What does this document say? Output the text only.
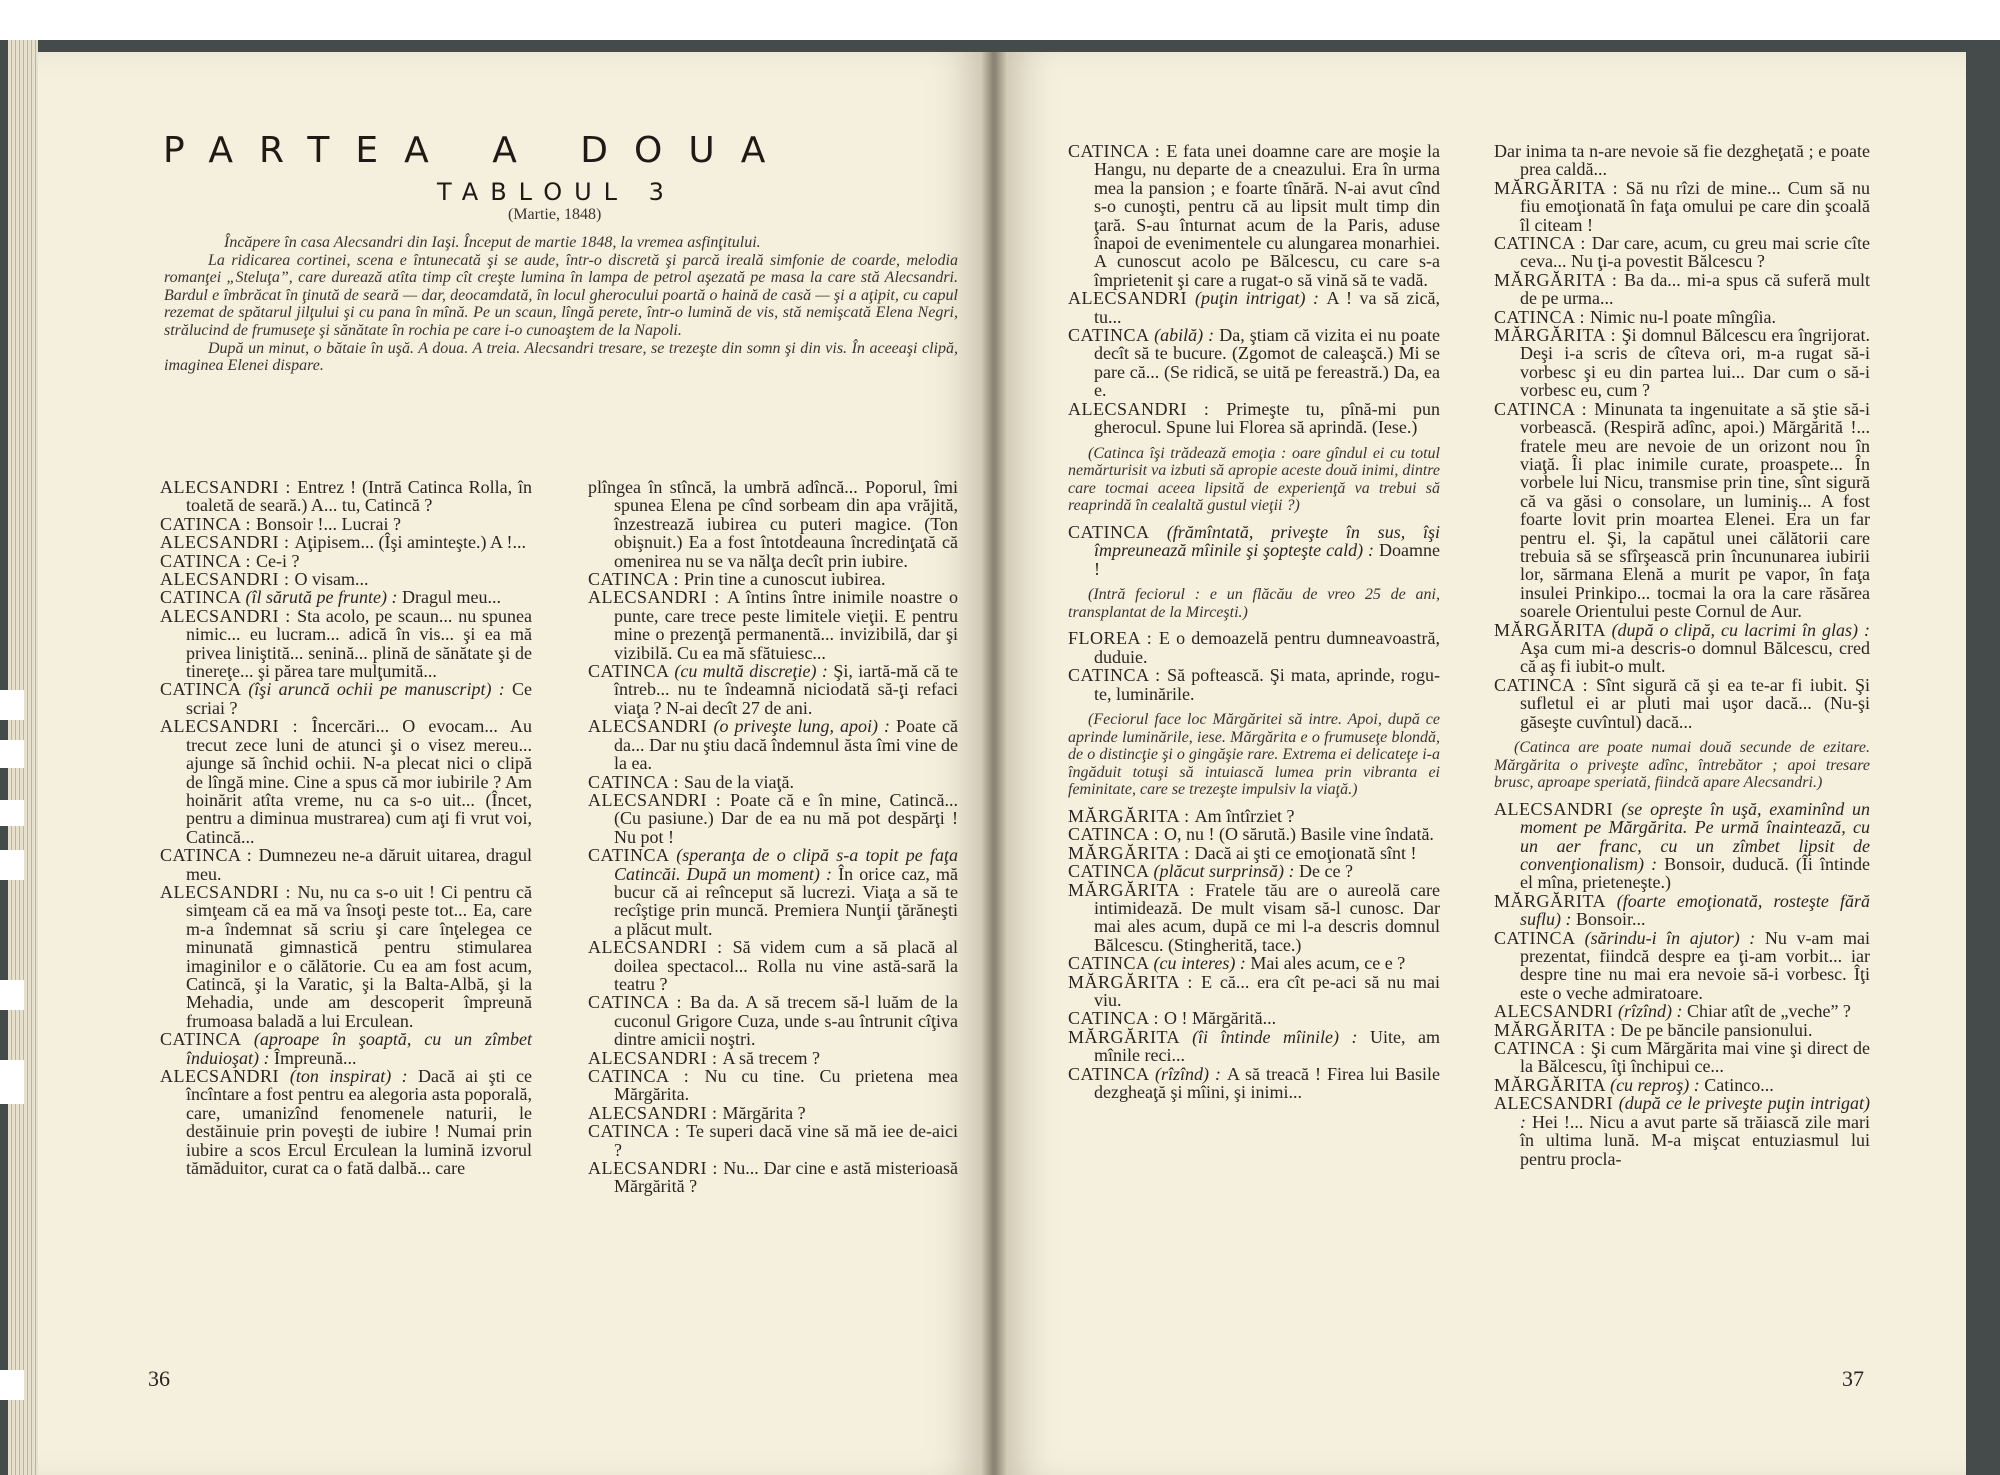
PARTEA A DOUA
TABLOUL 3
(Martie, 1848)

Încăpere în casa Alecsandri din Iaşi. Început de martie 1848, la vremea asfinţitului.

La ridicarea cortinei, scena e întunecată şi se aude, într-o discretă şi parcă ireală simfonie de coarde, melodia romanţei „Steluţa”, care durează atîta timp cît creşte lumina în lampa de petrol aşezată pe masa la care stă Alecsandri. Bardul e îmbrăcat în ţinută de seară — dar, deocamdată, în locul gherocului poartă o haină de casă — şi a aţipit, cu capul rezemat de spătarul jilţului şi cu pana în mînă. Pe un scaun, lîngă perete, într-o lumină de vis, stă nemişcată Elena Negri, strălucind de frumuseţe şi sănătate în rochia pe care i-o cunoaştem de la Napoli.

După un minut, o bătaie în uşă. A doua. A treia. Alecsandri tresare, se trezeşte din somn şi din vis. În aceeaşi clipă, imaginea Elenei dispare.

ALECSANDRI : Entrez ! (Intră Catinca Rolla, în toaletă de seară.) A... tu, Catincă ?

CATINCA : Bonsoir !... Lucrai ?

ALECSANDRI : Aţipisem... (Îşi aminteşte.) A !...

CATINCA : Ce-i ?

ALECSANDRI : O visam...

CATINCA (îl sărută pe frunte) : Dragul meu...

ALECSANDRI : Sta acolo, pe scaun... nu spunea nimic... eu lucram... adică în vis... şi ea mă privea liniştită... senină... plină de sănătate şi de tinereţe... şi părea tare mulţumită...

CATINCA (îşi aruncă ochii pe manuscript) : Ce scriai ?

ALECSANDRI : Încercări... O evocam... Au trecut zece luni de atunci şi o visez mereu... ajunge să închid ochii. N-a plecat nici o clipă de lîngă mine. Cine a spus că mor iubirile ? Am hoinărit atîta vreme, nu ca s-o uit... (Încet, pentru a diminua mustrarea) cum aţi fi vrut voi, Catincă...

CATINCA : Dumnezeu ne-a dăruit uitarea, dragul meu.

ALECSANDRI : Nu, nu ca s-o uit ! Ci pentru că simţeam că ea mă va însoţi peste tot... Ea, care m-a îndemnat să scriu şi care înţelegea ce minunată gimnastică pentru stimularea imaginilor e o călătorie. Cu ea am fost acum, Catincă, şi la Varatic, şi la Balta-Albă, şi la Mehadia, unde am descoperit împreună frumoasa baladă a lui Erculean.

CATINCA (aproape în şoaptă, cu un zîmbet înduioşat) : Împreună...

ALECSANDRI (ton inspirat) : Dacă ai şti ce încîntare a fost pentru ea alegoria asta poporală, care, umanizînd fenomenele naturii, le destăinuie prin poveşti de iubire ! Numai prin iubire a scos Ercul Erculean la lumină izvorul tămăduitor, curat ca o fată dalbă... care

plîngea în stîncă, la umbră adîncă... Poporul, îmi spunea Elena pe cînd sorbeam din apa vrăjită, înzestrează iubirea cu puteri magice. (Ton obişnuit.) Ea a fost întotdeauna încredinţată că omenirea nu se va nălţa decît prin iubire.

CATINCA : Prin tine a cunoscut iubirea.

ALECSANDRI : A întins între inimile noastre o punte, care trece peste limitele vieţii. E pentru mine o prezenţă permanentă... invizibilă, dar şi vizibilă. Cu ea mă sfătuiesc...

CATINCA (cu multă discreţie) : Şi, iartă-mă că te întreb... nu te îndeamnă niciodată să-ţi refaci viaţa ? N-ai decît 27 de ani.

ALECSANDRI (o priveşte lung, apoi) : Poate că da... Dar nu ştiu dacă îndemnul ăsta îmi vine de la ea.

CATINCA : Sau de la viaţă.

ALECSANDRI : Poate că e în mine, Catincă... (Cu pasiune.) Dar de ea nu mă pot despărţi ! Nu pot !

CATINCA (speranţa de o clipă s-a topit pe faţa Catincăi. După un moment) : În orice caz, mă bucur că ai reînceput să lucrezi. Viaţa a să te recîştige prin muncă. Premiera Nunţii ţărăneşti a plăcut mult.

ALECSANDRI : Să videm cum a să placă al doilea spectacol... Rolla nu vine astă-sară la teatru ?

CATINCA : Ba da. A să trecem să-l luăm de la cuconul Grigore Cuza, unde s-au întrunit cîţiva dintre amicii noştri.

ALECSANDRI : A să trecem ?

CATINCA : Nu cu tine. Cu prietena mea Mărgărita.

ALECSANDRI : Mărgărita ?

CATINCA : Te superi dacă vine să mă iee de-aici ?

ALECSANDRI : Nu... Dar cine e astă misterioasă Mărgărită ?

CATINCA : E fata unei doamne care are moşie la Hangu, nu departe de a cneazului. Era în urma mea la pansion ; e foarte tînără. N-ai avut cînd s-o cunoşti, pentru că au lipsit mult timp din ţară. S-au înturnat acum de la Paris, aduse înapoi de evenimentele cu alungarea monarhiei. A cunoscut acolo pe Bălcescu, cu care s-a împrietenit şi care a rugat-o să vină să te vadă.

ALECSANDRI (puţin intrigat) : A ! va să zică, tu...

CATINCA (abilă) : Da, ştiam că vizita ei nu poate decît să te bucure. (Zgomot de caleaşcă.) Mi se pare că... (Se ridică, se uită pe fereastră.) Da, ea e.

ALECSANDRI : Primeşte tu, pînă-mi pun gherocul. Spune lui Florea să aprindă. (Iese.)

(Catinca îşi trădează emoţia : oare gîndul ei cu totul nemărturisit va izbuti să apropie aceste două inimi, dintre care tocmai aceea lipsită de experienţă va trebui să reaprindă în cealaltă gustul vieţii ?)

CATINCA (frămîntată, priveşte în sus, îşi împreunează mîinile şi şopteşte cald) : Doamne !

(Intră feciorul : e un flăcău de vreo 25 de ani, transplantat de la Mirceşti.)

FLOREA : E o demoazelă pentru dumneavoastră, duduie.

CATINCA : Să poftească. Şi mata, aprinde, rogu-te, luminările.

(Feciorul face loc Mărgăritei să intre. Apoi, după ce aprinde luminările, iese. Mărgărita e o frumuseţe blondă, de o distincţie şi o gingăşie rare. Extrema ei delicateţe i-a îngăduit totuşi să intuiască lumea prin vibranta ei feminitate, care se trezeşte impulsiv la viaţă.)

MĂRGĂRITA : Am întîrziet ?

CATINCA : O, nu ! (O sărută.) Basile vine îndată.

MĂRGĂRITA : Dacă ai şti ce emoţionată sînt !

CATINCA (plăcut surprinsă) : De ce ?

MĂRGĂRITA : Fratele tău are o aureolă care intimidează. De mult visam să-l cunosc. Dar mai ales acum, după ce mi l-a descris domnul Bălcescu. (Stingherită, tace.)

CATINCA (cu interes) : Mai ales acum, ce e ?

MĂRGĂRITA : E că... era cît pe-aci să nu mai viu.

CATINCA : O ! Mărgărită...

MĂRGĂRITA (îi întinde mîinile) : Uite, am mînile reci...

CATINCA (rîzînd) : A să treacă ! Firea lui Basile dezgheaţă şi mîini, şi inimi...

Dar inima ta n-are nevoie să fie dezgheţată ; e poate prea caldă...

MĂRGĂRITA : Să nu rîzi de mine... Cum să nu fiu emoţionată în faţa omului pe care din şcoală îl citeam !

CATINCA : Dar care, acum, cu greu mai scrie cîte ceva... Nu ţi-a povestit Bălcescu ?

MĂRGĂRITA : Ba da... mi-a spus că suferă mult de pe urma...

CATINCA : Nimic nu-l poate mîngîia.

MĂRGĂRITA : Şi domnul Bălcescu era îngrijorat. Deşi i-a scris de cîteva ori, m-a rugat să-i vorbesc şi eu din partea lui... Dar cum o să-i vorbesc eu, cum ?

CATINCA : Minunata ta ingenuitate a să ştie să-i vorbească. (Respiră adînc, apoi.) Mărgărită !... fratele meu are nevoie de un orizont nou în viaţă. Îi plac inimile curate, proaspete... În vorbele lui Nicu, transmise prin tine, sînt sigură că va găsi o consolare, un luminiş... A fost foarte lovit prin moartea Elenei. Era un far pentru el. Şi, la capătul unei călătorii care trebuia să se sfîrşească prin încununarea iubirii lor, sărmana Elenă a murit pe vapor, în faţa insulei Prinkipo... tocmai la ora la care răsărea soarele Orientului peste Cornul de Aur.

MĂRGĂRITA (după o clipă, cu lacrimi în glas) : Aşa cum mi-a descris-o domnul Bălcescu, cred că aş fi iubit-o mult.

CATINCA : Sînt sigură că şi ea te-ar fi iubit. Şi sufletul ei ar pluti mai uşor dacă... (Nu-şi găseşte cuvîntul) dacă...

(Catinca are poate numai două secunde de ezitare. Mărgărita o priveşte adînc, întrebător ; apoi tresare brusc, aproape speriată, fiindcă apare Alecsandri.)

ALECSANDRI (se opreşte în uşă, examinînd un moment pe Mărgărita. Pe urmă înaintează, cu un aer franc, cu un zîmbet lipsit de convenţionalism) : Bonsoir, duducă. (Îi întinde el mîna, prieteneşte.)

MĂRGĂRITA (foarte emoţionată, rosteşte fără suflu) : Bonsoir...

CATINCA (sărindu-i în ajutor) : Nu v-am mai prezentat, fiindcă despre ea ţi-am vorbit... iar despre tine nu mai era nevoie să-i vorbesc. Îţi este o veche admiratoare.

ALECSANDRI (rîzînd) : Chiar atît de „veche” ?

MĂRGĂRITA : De pe băncile pansionului.

CATINCA : Şi cum Mărgărita mai vine şi direct de la Bălcescu, îţi închipui ce...

MĂRGĂRITA (cu reproş) : Catinco...

ALECSANDRI (după ce le priveşte puţin intrigat) : Hei !... Nicu a avut parte să trăiască zile mari în ultima lună. M-a mişcat entuziasmul lui pentru procla-

36	37
